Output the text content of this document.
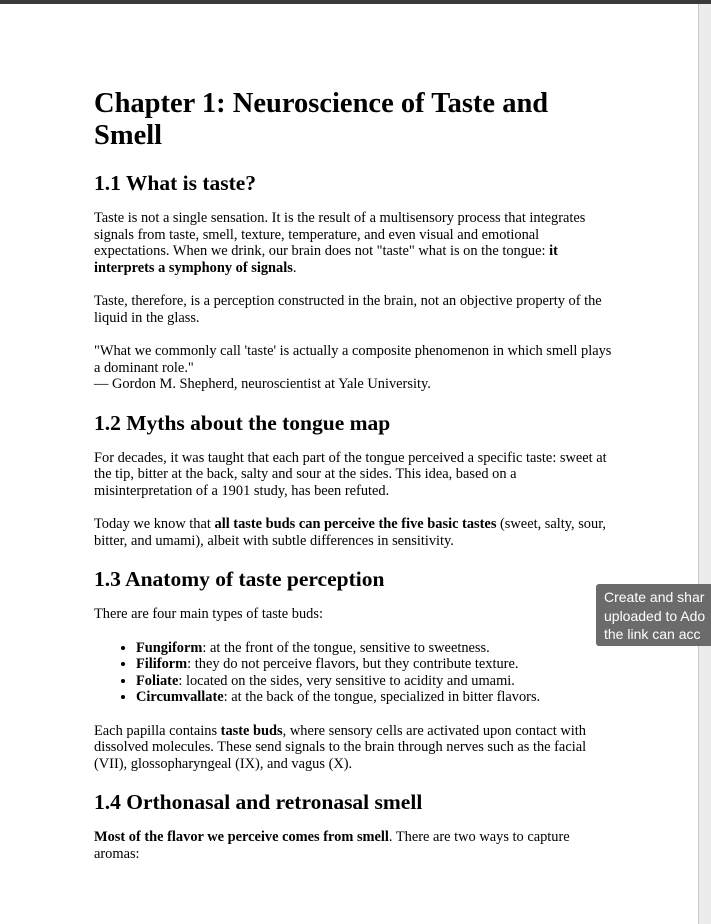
Chapter 1: Neuroscience of Taste and Smell
1.1 What is taste?

Taste is not a single sensation. It is the result of a multisensory process that integrates signals from taste, smell, texture, temperature, and even visual and emotional expectations. When we drink, our brain does not "taste" what is on the tongue: it interprets a symphony of signals.

Taste, therefore, is a perception constructed in the brain, not an objective property of the liquid in the glass.

"What we commonly call 'taste' is actually a composite phenomenon in which smell plays a dominant role."
— Gordon M. Shepherd, neuroscientist at Yale University.

1.2 Myths about the tongue map

For decades, it was taught that each part of the tongue perceived a specific taste: sweet at the tip, bitter at the back, salty and sour at the sides. This idea, based on a misinterpretation of a 1901 study, has been refuted.

Today we know that all taste buds can perceive the five basic tastes (sweet, salty, sour, bitter, and umami), albeit with subtle differences in sensitivity.

1.3 Anatomy of taste perception

There are four main types of taste buds:

• Fungiform: at the front of the tongue, sensitive to sweetness.
• Filiform: they do not perceive flavors, but they contribute texture.
• Foliate: located on the sides, very sensitive to acidity and umami.
• Circumvallate: at the back of the tongue, specialized in bitter flavors.

Each papilla contains taste buds, where sensory cells are activated upon contact with dissolved molecules. These send signals to the brain through nerves such as the facial (VII), glossopharyngeal (IX), and vagus (X).

1.4 Orthonasal and retronasal smell

Most of the flavor we perceive comes from smell. There are two ways to capture aromas:

Create and shar
uploaded to Ado
the link can acc
